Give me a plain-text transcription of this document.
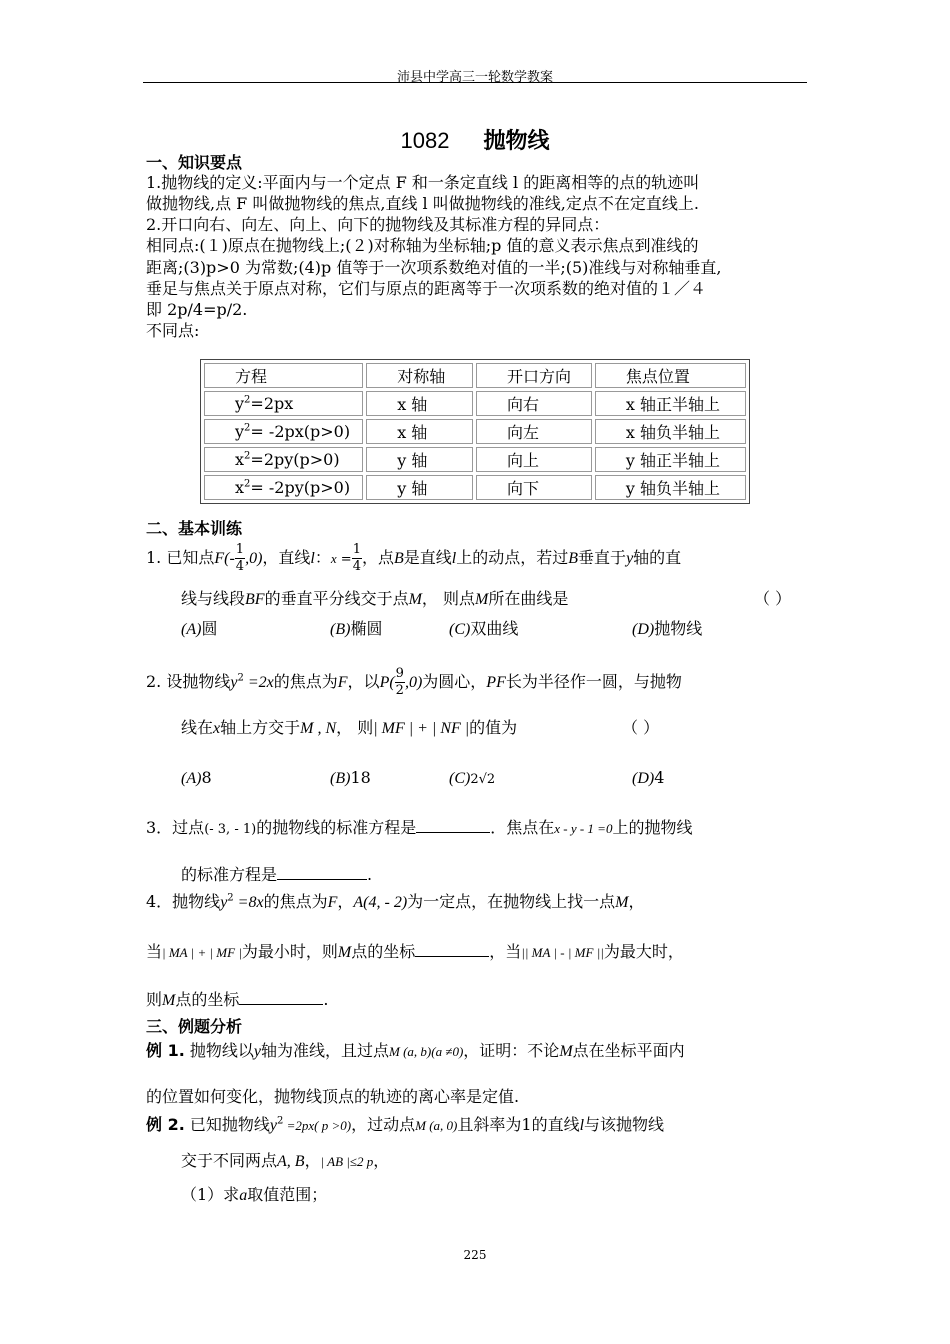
沛县中学高三一轮数学教案
1082 抛物线
一、知识要点
1.抛物线的定义:平面内与一个定点 F 和一条定直线 l 的距离相等的点的轨迹叫
做抛物线,点 F 叫做抛物线的焦点,直线 l 叫做抛物线的准线,定点不在定直线上.
2.开口向右、向左、向上、向下的抛物线及其标准方程的异同点：
相同点:(１)原点在抛物线上;(２)对称轴为坐标轴;p 值的意义表示焦点到准线的
距离;(3)p>0 为常数;(4)p 值等于一次项系数绝对值的一半;(5)准线与对称轴垂直,
垂足与焦点关于原点对称，它们与原点的距离等于一次项系数的绝对值的１／４
即 2p/4=p/2.
不同点:
方程	对称轴	开口方向	焦点位置
$y^2=2px$	x 轴	向右	x 轴正半轴上
$y^2= -2px(p>0)$	x 轴	向左	x 轴负半轴上
$x^2=2py(p>0)$	y 轴	向上	y 轴正半轴上
$x^2= -2py(p>0)$	y 轴	向下	y 轴负半轴上
二、基本训练
1. 已知点$F(- \frac{1}{4} ,0)$，直线l：$x = \frac{1}{4}$ ，点B是直线l上的动点，若过B垂直于y轴的直
线与线段BF的垂直平分线交于点M， 则点M所在曲线是	（ ）
(A)圆	(B)椭圆	(C)双曲线	(D)抛物线
2. 设抛物线$y^2 =2x$的焦点为F，以$P( \frac{9}{2} ,0)$为圆心，PF长为半径作一圆，与抛物
线在x轴上方交于M , N， 则| MF | + | NF |的值为	（ ）
(A)8	(B)18	(C)2√2	(D)4
3．过点(- 3, - 1)的抛物线的标准方程是	．焦点在x - y - 1 =0上的抛物线
的标准方程是	.
4．抛物线$y^2 =8x$的焦点为F，A(4, - 2)为一定点，在抛物线上找一点M，
当| MA | + | MF |为最小时，则M点的坐标	，当|| MA | - | MF ||为最大时，
则M点的坐标	.
三、例题分析
例 1. 抛物线以y轴为准线，且过点M (a, b)(a ≠0)，证明：不论M点在坐标平面内
的位置如何变化，抛物线顶点的轨迹的离心率是定值.
例 2. 已知抛物线$y^2 =2px$( p >0)，过动点M (a, 0)且斜率为1的直线l与该抛物线
交于不同两点A, B，| AB |≤2 p，
（1）求a取值范围；
225
